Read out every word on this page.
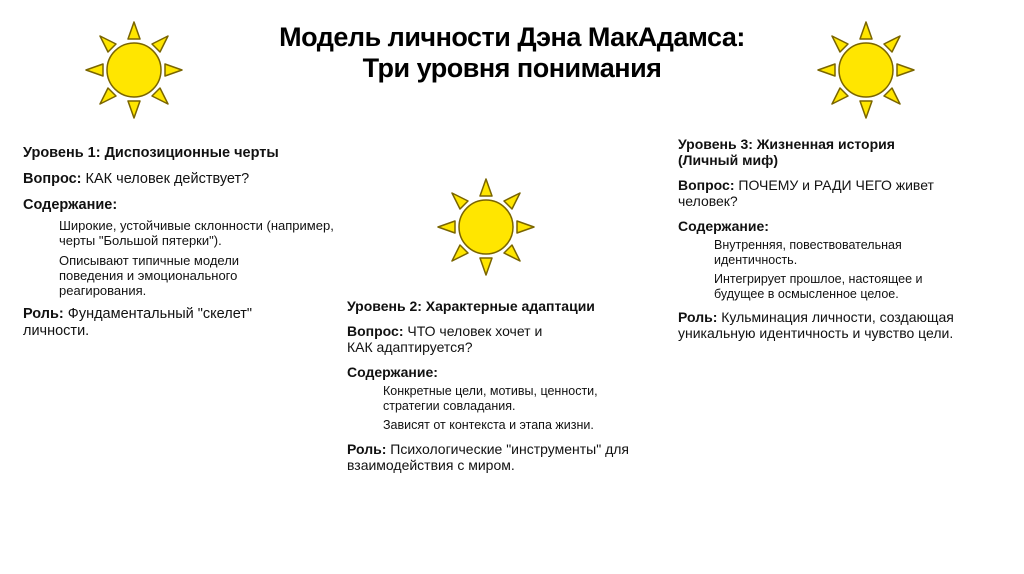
Модель личности Дэна МакАдамса:
Три уровня понимания
Уровень 1: Диспозиционные черты
Вопрос: КАК человек действует?
Содержание:
Широкие, устойчивые склонности (например, черты "Большой пятерки").
Описывают типичные модели поведения и эмоционального реагирования.
Роль: Фундаментальный "скелет" личности.
Уровень 2: Характерные адаптации
Вопрос: ЧТО человек хочет и КАК адаптируется?
Содержание:
Конкретные цели, мотивы, ценности, стратегии совладания.
Зависят от контекста и этапа жизни.
Роль: Психологические "инструменты" для взаимодействия с миром.
Уровень 3: Жизненная история (Личный миф)
Вопрос: ПОЧЕМУ и РАДИ ЧЕГО живет человек?
Содержание:
Внутренняя, повествовательная идентичность.
Интегрирует прошлое, настоящее и будущее в осмысленное целое.
Роль: Кульминация личности, создающая уникальную идентичность и чувство цели.
